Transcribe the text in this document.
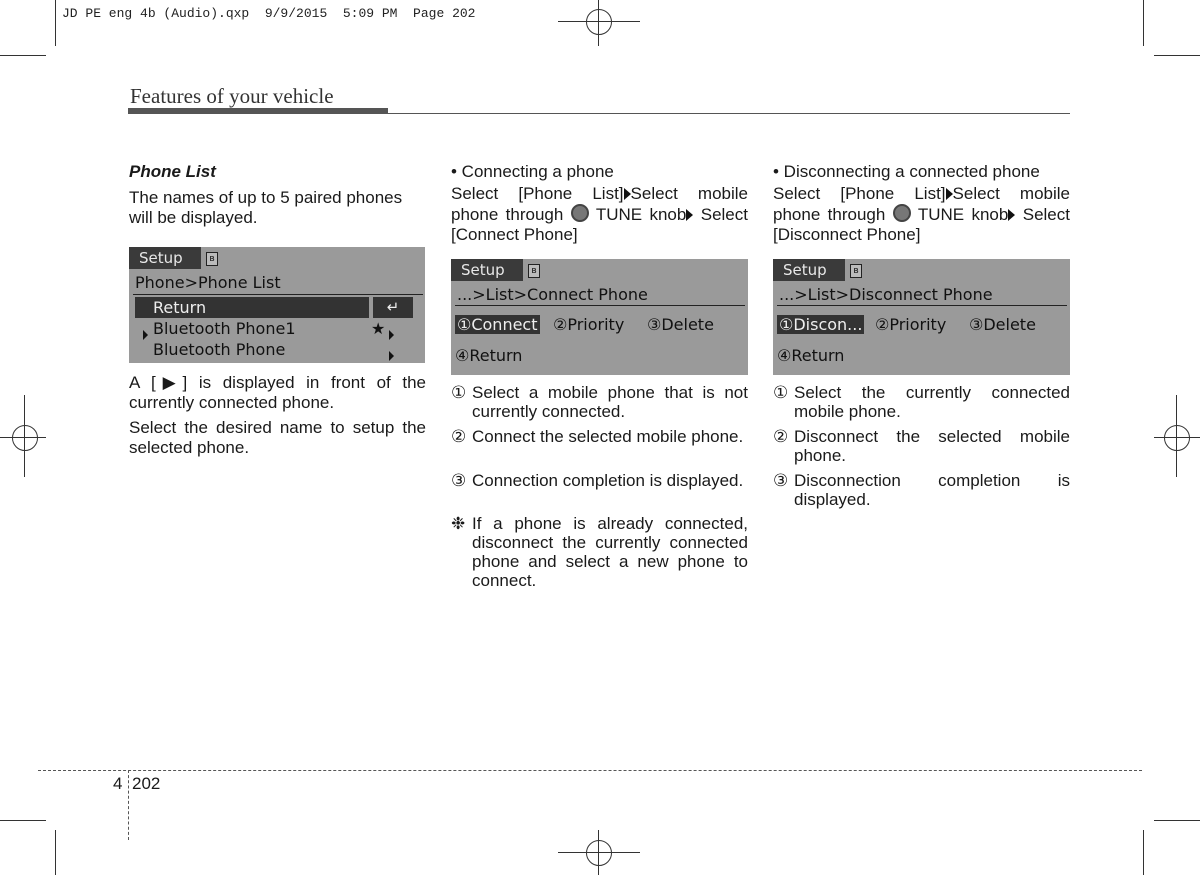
JD PE eng 4b (Audio).qxp  9/9/2015  5:09 PM  Page 202
Features of your vehicle

Phone List

The names of up to 5 paired phones will be displayed.

Setup	ʙ
Phone>Phone List
Return	↵
Bluetooth Phone1	★
Bluetooth Phone

A [▶] is displayed in front of the currently connected phone.

Select the desired name to setup the selected phone.

• Connecting a phone

Select [Phone List] Select mobile phone through TUNE knob Select [Connect Phone]

Setup	ʙ
...>List>Connect Phone
①Connect ②Priority ③Delete
④Return
① Select a mobile phone that is not currently connected.
② Connect the selected mobile phone.
③ Connection completion is displayed.
❉ If a phone is already connected, disconnect the currently connected phone and select a new phone to connect.

• Disconnecting a connected phone

Select [Phone List] Select mobile phone through TUNE knob Select [Disconnect Phone]

Setup	ʙ
...>List>Disconnect Phone
①Discon... ②Priority ③Delete
④Return
① Select the currently connected mobile phone.
② Disconnect the selected mobile phone.
③ Disconnection completion is displayed.
4 202
